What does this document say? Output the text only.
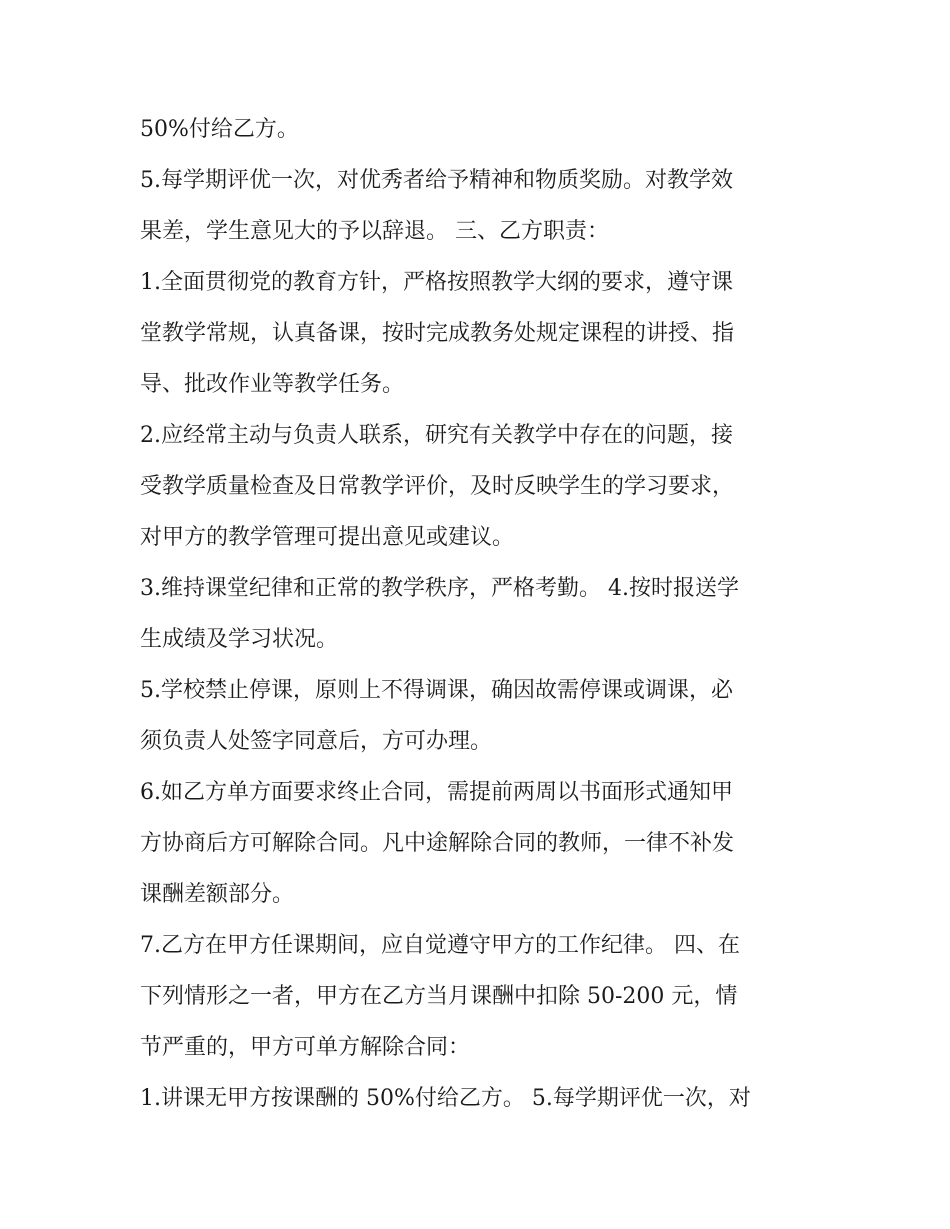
50%付给乙方。
5.每学期评优一次，对优秀者给予精神和物质奖励。对教学效
果差，学生意见大的予以辞退。 三、乙方职责：
1.全面贯彻党的教育方针，严格按照教学大纲的要求，遵守课
堂教学常规，认真备课，按时完成教务处规定课程的讲授、指
导、批改作业等教学任务。
2.应经常主动与负责人联系，研究有关教学中存在的问题，接
受教学质量检查及日常教学评价，及时反映学生的学习要求，
对甲方的教学管理可提出意见或建议。
3.维持课堂纪律和正常的教学秩序，严格考勤。 4.按时报送学
生成绩及学习状况。
5.学校禁止停课，原则上不得调课，确因故需停课或调课，必
须负责人处签字同意后，方可办理。
6.如乙方单方面要求终止合同，需提前两周以书面形式通知甲
方协商后方可解除合同。凡中途解除合同的教师，一律不补发
课酬差额部分。
7.乙方在甲方任课期间，应自觉遵守甲方的工作纪律。 四、在
下列情形之一者，甲方在乙方当月课酬中扣除 50-200 元，情
节严重的，甲方可单方解除合同：
1.讲课无甲方按课酬的 50%付给乙方。 5.每学期评优一次，对
